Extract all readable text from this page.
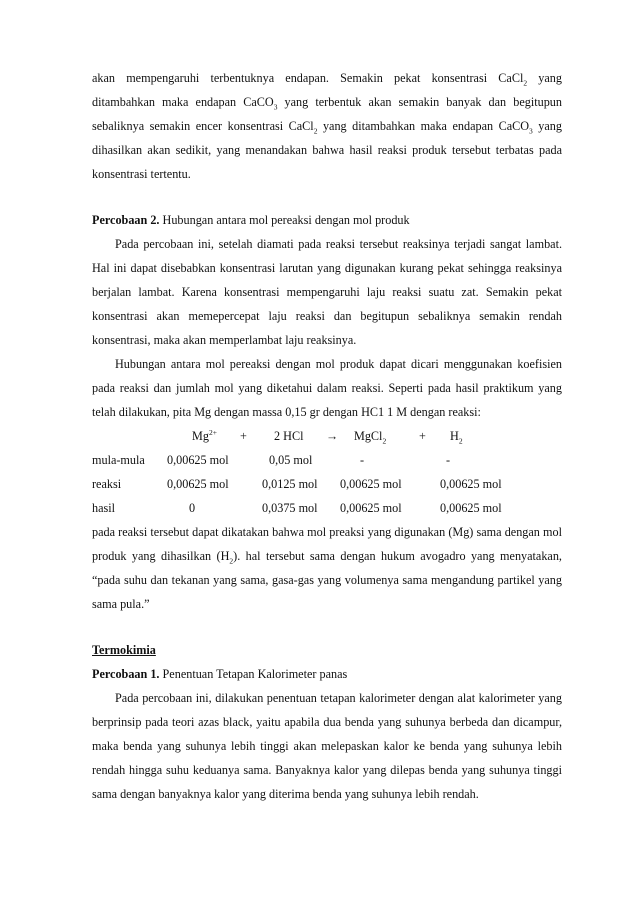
akan mempengaruhi terbentuknya endapan. Semakin pekat konsentrasi CaCl$_2$ yang ditambahkan maka endapan CaCO$_3$ yang terbentuk akan semakin banyak dan begitupun sebaliknya semakin encer konsentrasi CaCl$_2$ yang ditambahkan maka endapan CaCO$_3$ yang dihasilkan akan sedikit, yang menandakan bahwa hasil reaksi produk tersebut terbatas pada konsentrasi tertentu.

Percobaan 2. Hubungan antara mol pereaksi dengan mol produk

Pada percobaan ini, setelah diamati pada reaksi tersebut reaksinya terjadi sangat lambat. Hal ini dapat disebabkan konsentrasi larutan yang digunakan kurang pekat sehingga reaksinya berjalan lambat. Karena konsentrasi mempengaruhi laju reaksi suatu zat. Semakin pekat konsentrasi akan memepercepat laju reaksi dan begitupun sebaliknya semakin rendah konsentrasi, maka akan memperlambat laju reaksinya.

Hubungan antara mol pereaksi dengan mol produk dapat dicari menggunakan koefisien pada reaksi dan jumlah mol yang diketahui dalam reaksi. Seperti pada hasil praktikum yang telah dilakukan, pita Mg dengan massa 0,15 gr dengan HC1 1 M dengan reaksi:

$Mg^{2+} + 2$ HCl → MgCl$_2$	+ $H_2$
mula-mula 0,00625 mol	0,05 mol	-	-
reaksi	0,00625 mol	0,0125 mol 0,00625 mol	0,00625 mol
hasil	0	0,0375 mol 0,00625 mol	0,00625 mol

pada reaksi tersebut dapat dikatakan bahwa mol preaksi yang digunakan (Mg) sama dengan mol produk yang dihasilkan $(H_2)$. hal tersebut sama dengan hukum avogadro yang menyatakan, “pada suhu dan tekanan yang sama, gasa-gas yang volumenya sama mengandung partikel yang sama pula.”

Termokimia

Percobaan 1. Penentuan Tetapan Kalorimeter panas

Pada percobaan ini, dilakukan penentuan tetapan kalorimeter dengan alat kalorimeter yang berprinsip pada teori azas black, yaitu apabila dua benda yang suhunya berbeda dan dicampur, maka benda yang suhunya lebih tinggi akan melepaskan kalor ke benda yang suhunya lebih rendah hingga suhu keduanya sama. Banyaknya kalor yang dilepas benda yang suhunya tinggi sama dengan banyaknya kalor yang diterima benda yang suhunya lebih rendah.
